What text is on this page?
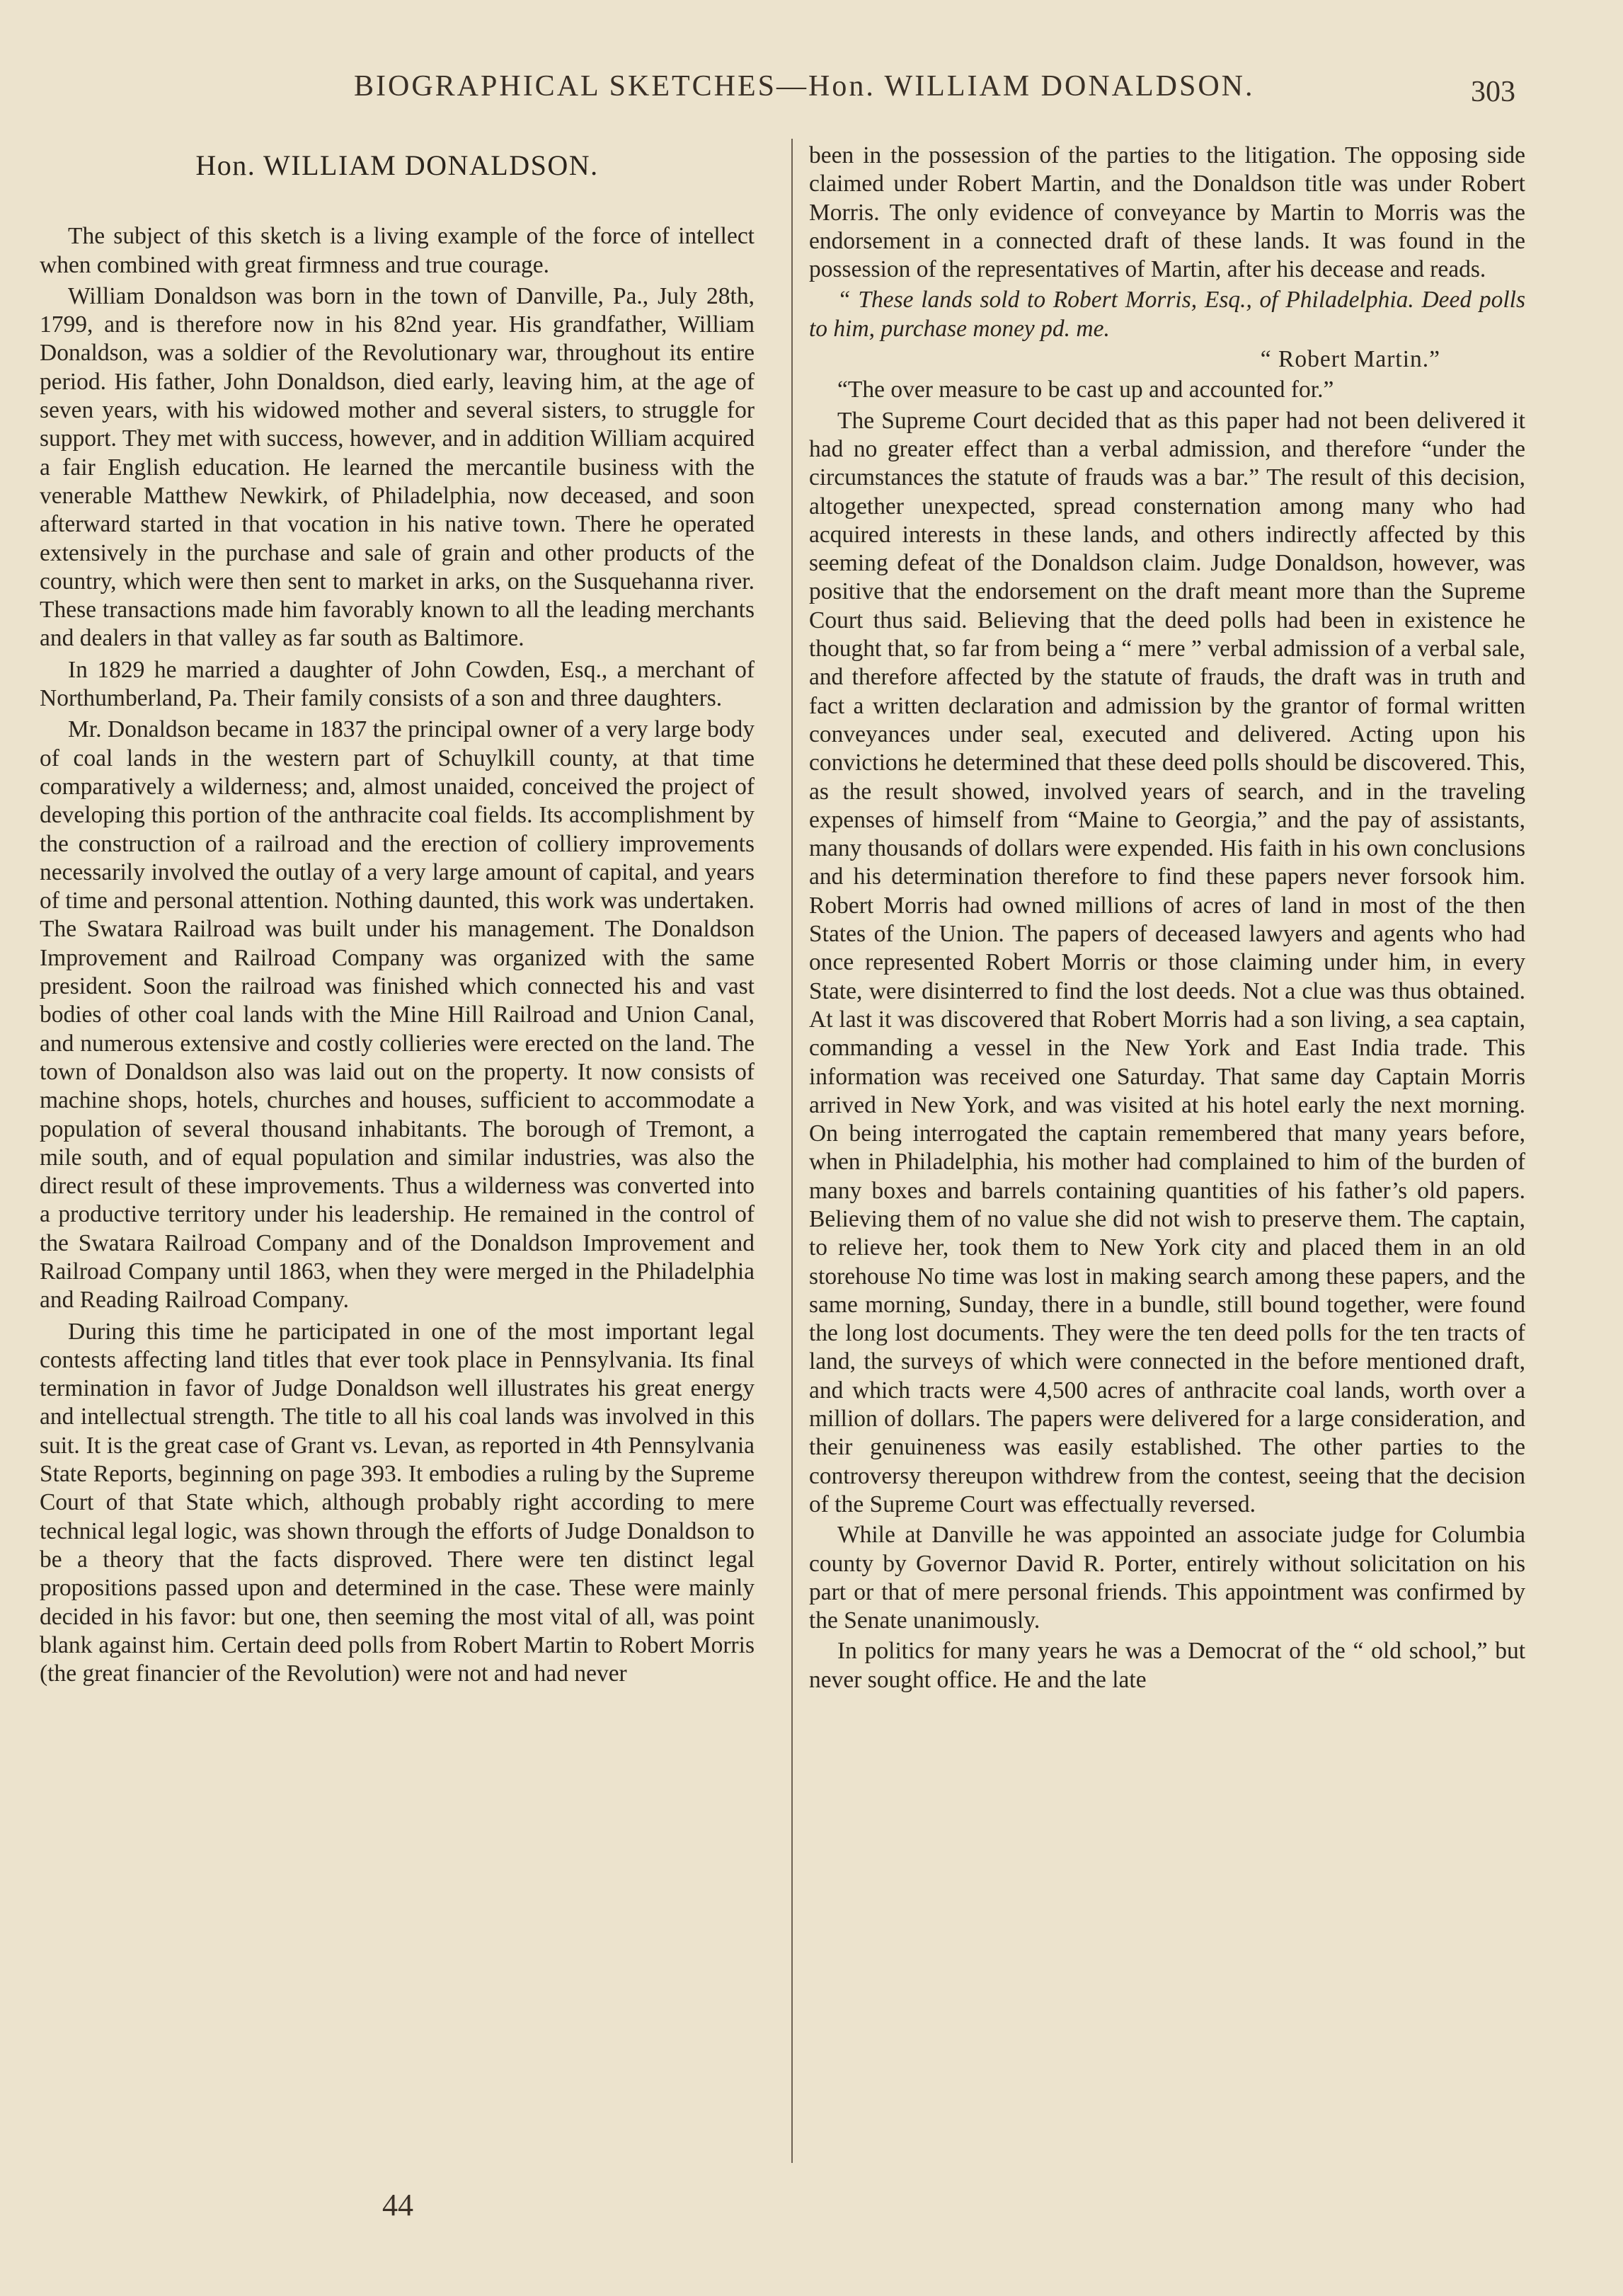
BIOGRAPHICAL SKETCHES—Hon. WILLIAM DONALDSON.	303
Hon. WILLIAM DONALDSON.

The subject of this sketch is a living example of the force of intellect when combined with great firmness and true courage.

William Donaldson was born in the town of Danville, Pa., July 28th, 1799, and is therefore now in his 82nd year. His grandfather, William Donaldson, was a soldier of the Revolutionary war, throughout its entire period. His father, John Donaldson, died early, leaving him, at the age of seven years, with his widowed mother and several sisters, to struggle for support. They met with success, however, and in addition William acquired a fair English education. He learned the mercantile business with the venerable Matthew Newkirk, of Philadelphia, now deceased, and soon afterward started in that vocation in his native town. There he operated extensively in the purchase and sale of grain and other products of the country, which were then sent to market in arks, on the Susquehanna river. These transactions made him favorably known to all the leading merchants and dealers in that valley as far south as Baltimore.

In 1829 he married a daughter of John Cowden, Esq., a merchant of Northumberland, Pa. Their family consists of a son and three daughters.

Mr. Donaldson became in 1837 the principal owner of a very large body of coal lands in the western part of Schuylkill county, at that time comparatively a wilderness; and, almost unaided, conceived the project of developing this portion of the anthracite coal fields. Its accomplishment by the construction of a railroad and the erection of colliery improvements necessarily involved the outlay of a very large amount of capital, and years of time and personal attention. Nothing daunted, this work was undertaken. The Swatara Railroad was built under his management. The Donaldson Improvement and Railroad Company was organized with the same president. Soon the railroad was finished which connected his and vast bodies of other coal lands with the Mine Hill Railroad and Union Canal, and numerous extensive and costly collieries were erected on the land. The town of Donaldson also was laid out on the property. It now consists of machine shops, hotels, churches and houses, sufficient to accommodate a population of several thousand inhabitants. The borough of Tremont, a mile south, and of equal population and similar industries, was also the direct result of these improvements. Thus a wilderness was converted into a productive territory under his leadership. He remained in the control of the Swatara Railroad Company and of the Donaldson Improvement and Railroad Company until 1863, when they were merged in the Philadelphia and Reading Railroad Company.

During this time he participated in one of the most important legal contests affecting land titles that ever took place in Pennsylvania. Its final termination in favor of Judge Donaldson well illustrates his great energy and intellectual strength. The title to all his coal lands was involved in this suit. It is the great case of Grant vs. Levan, as reported in 4th Pennsylvania State Reports, beginning on page 393. It embodies a ruling by the Supreme Court of that State which, although probably right according to mere technical legal logic, was shown through the efforts of Judge Donaldson to be a theory that the facts disproved. There were ten distinct legal propositions passed upon and determined in the case. These were mainly decided in his favor: but one, then seeming the most vital of all, was point blank against him. Certain deed polls from Robert Martin to Robert Morris (the great financier of the Revolution) were not and had never

been in the possession of the parties to the litigation. The opposing side claimed under Robert Martin, and the Donaldson title was under Robert Morris. The only evidence of conveyance by Martin to Morris was the endorsement in a connected draft of these lands. It was found in the possession of the representatives of Martin, after his decease and reads.

“ These lands sold to Robert Morris, Esq., of Philadelphia. Deed polls to him, purchase money pd. me.

“ Robert Martin.”

“The over measure to be cast up and accounted for.”

The Supreme Court decided that as this paper had not been delivered it had no greater effect than a verbal admission, and therefore “under the circumstances the statute of frauds was a bar.” The result of this decision, altogether unexpected, spread consternation among many who had acquired interests in these lands, and others indirectly affected by this seeming defeat of the Donaldson claim. Judge Donaldson, however, was positive that the endorsement on the draft meant more than the Supreme Court thus said. Believing that the deed polls had been in existence he thought that, so far from being a “ mere ” verbal admission of a verbal sale, and therefore affected by the statute of frauds, the draft was in truth and fact a written declaration and admission by the grantor of formal written conveyances under seal, executed and delivered. Acting upon his convictions he determined that these deed polls should be discovered. This, as the result showed, involved years of search, and in the traveling expenses of himself from “Maine to Georgia,” and the pay of assistants, many thousands of dollars were expended. His faith in his own conclusions and his determination therefore to find these papers never forsook him. Robert Morris had owned millions of acres of land in most of the then States of the Union. The papers of deceased lawyers and agents who had once represented Robert Morris or those claiming under him, in every State, were disinterred to find the lost deeds. Not a clue was thus obtained. At last it was discovered that Robert Morris had a son living, a sea captain, commanding a vessel in the New York and East India trade. This information was received one Saturday. That same day Captain Morris arrived in New York, and was visited at his hotel early the next morning. On being interrogated the captain remembered that many years before, when in Philadelphia, his mother had complained to him of the burden of many boxes and barrels containing quantities of his father’s old papers. Believing them of no value she did not wish to preserve them. The captain, to relieve her, took them to New York city and placed them in an old storehouse No time was lost in making search among these papers, and the same morning, Sunday, there in a bundle, still bound together, were found the long lost documents. They were the ten deed polls for the ten tracts of land, the surveys of which were connected in the before mentioned draft, and which tracts were 4,500 acres of anthracite coal lands, worth over a million of dollars. The papers were delivered for a large consideration, and their genuineness was easily established. The other parties to the controversy thereupon withdrew from the contest, seeing that the decision of the Supreme Court was effectually reversed.

While at Danville he was appointed an associate judge for Columbia county by Governor David R. Porter, entirely without solicitation on his part or that of mere personal friends. This appointment was confirmed by the Senate unanimously.

In politics for many years he was a Democrat of the “ old school,” but never sought office. He and the late

44
